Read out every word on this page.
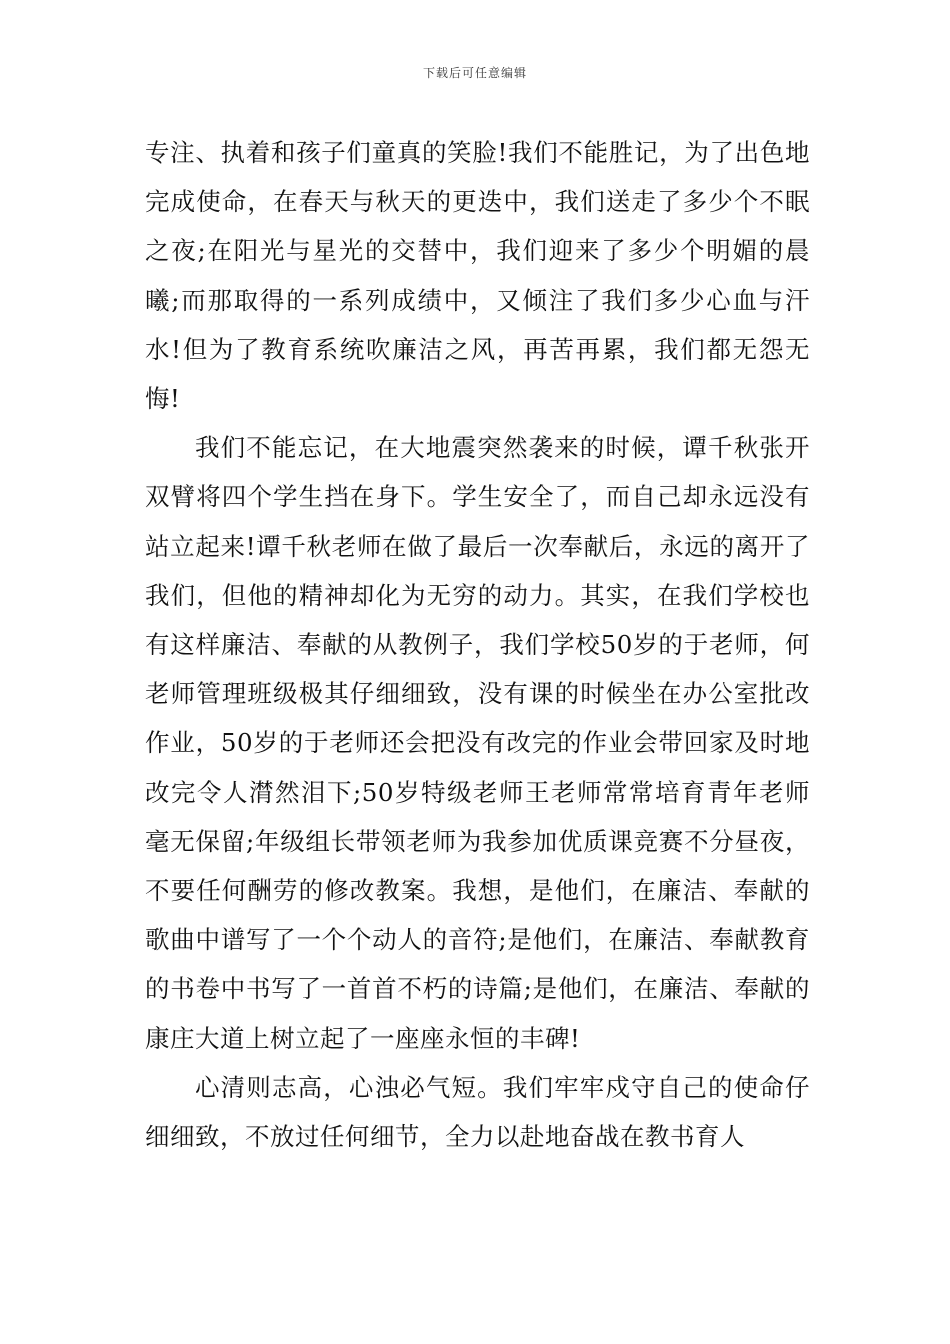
下载后可任意编辑

专注、执着和孩子们童真的笑脸!我们不能胜记，为了出色地完成使命，在春天与秋天的更迭中，我们送走了多少个不眠之夜;在阳光与星光的交替中，我们迎来了多少个明媚的晨曦;而那取得的一系列成绩中，又倾注了我们多少心血与汗水!但为了教育系统吹廉洁之风，再苦再累，我们都无怨无悔!

我们不能忘记，在大地震突然袭来的时候，谭千秋张开双臂将四个学生挡在身下。学生安全了，而自己却永远没有站立起来!谭千秋老师在做了最后一次奉献后，永远的离开了我们，但他的精神却化为无穷的动力。其实，在我们学校也有这样廉洁、奉献的从教例子，我们学校50岁的于老师，何老师管理班级极其仔细细致，没有课的时候坐在办公室批改作业，50岁的于老师还会把没有改完的作业会带回家及时地改完令人潸然泪下;50岁特级老师王老师常常培育青年老师毫无保留;年级组长带领老师为我参加优质课竞赛不分昼夜，不要任何酬劳的修改教案。我想，是他们，在廉洁、奉献的歌曲中谱写了一个个动人的音符;是他们，在廉洁、奉献教育的书卷中书写了一首首不朽的诗篇;是他们，在廉洁、奉献的康庄大道上树立起了一座座永恒的丰碑!

心清则志高，心浊必气短。我们牢牢戍守自己的使命仔细细致，不放过任何细节，全力以赴地奋战在教书育人
